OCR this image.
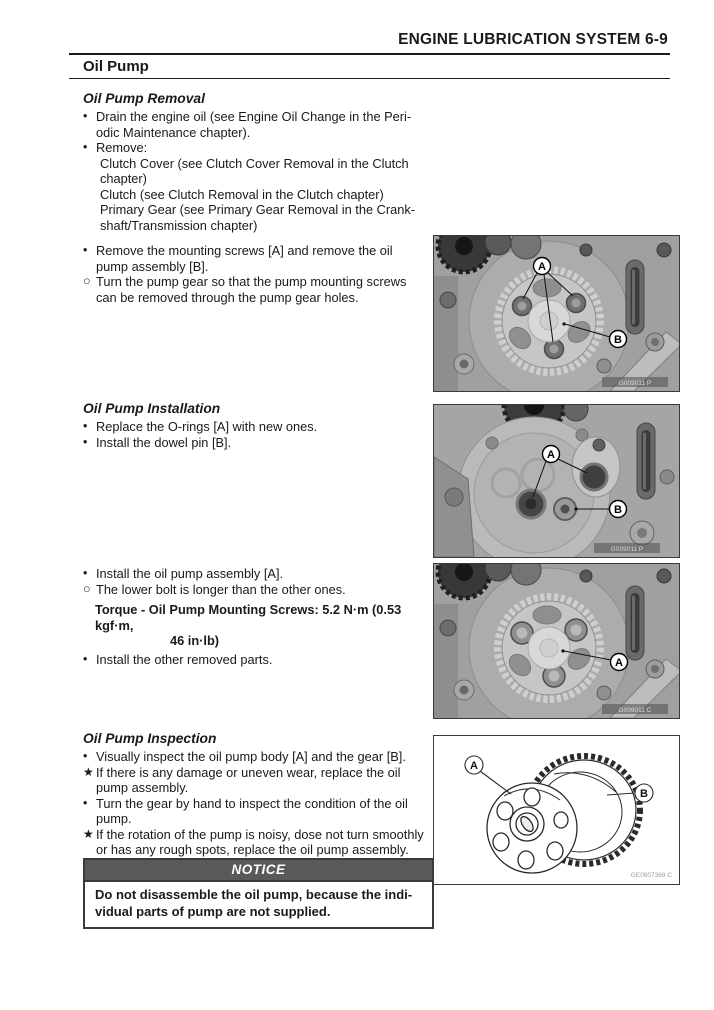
ENGINE LUBRICATION SYSTEM 6-9
Oil Pump
Oil Pump Removal
• Drain the engine oil (see Engine Oil Change in the Peri-
odic Maintenance chapter).
• Remove:
Clutch Cover (see Clutch Cover Removal in the Clutch
chapter)
Clutch (see Clutch Removal in the Clutch chapter)
Primary Gear (see Primary Gear Removal in the Crank-
shaft/Transmission chapter)
• Remove the mounting screws [A] and remove the oil
pump assembly [B].
○ Turn the pump gear so that the pump mounting screws
can be removed through the pump gear holes.
Oil Pump Installation
• Replace the O-rings [A] with new ones.
• Install the dowel pin [B].
• Install the oil pump assembly [A].
○ The lower bolt is longer than the other ones.
Torque - Oil Pump Mounting Screws: 5.2 N·m (0.53 kgf·m,
46 in·lb)
• Install the other removed parts.
Oil Pump Inspection
• Visually inspect the oil pump body [A] and the gear [B].
★ If there is any damage or uneven wear, replace the oil
pump assembly.
• Turn the gear by hand to inspect the condition of the oil
pump.
★ If the rotation of the pump is noisy, dose not turn smoothly
or has any rough spots, replace the oil pump assembly.
NOTICE
Do not disassemble the oil pump, because the indi-
vidual parts of pump are not supplied.
A
B
G009011 P
A
B
G009011 P
A
G009011 C
A
B
GE0807389 C
